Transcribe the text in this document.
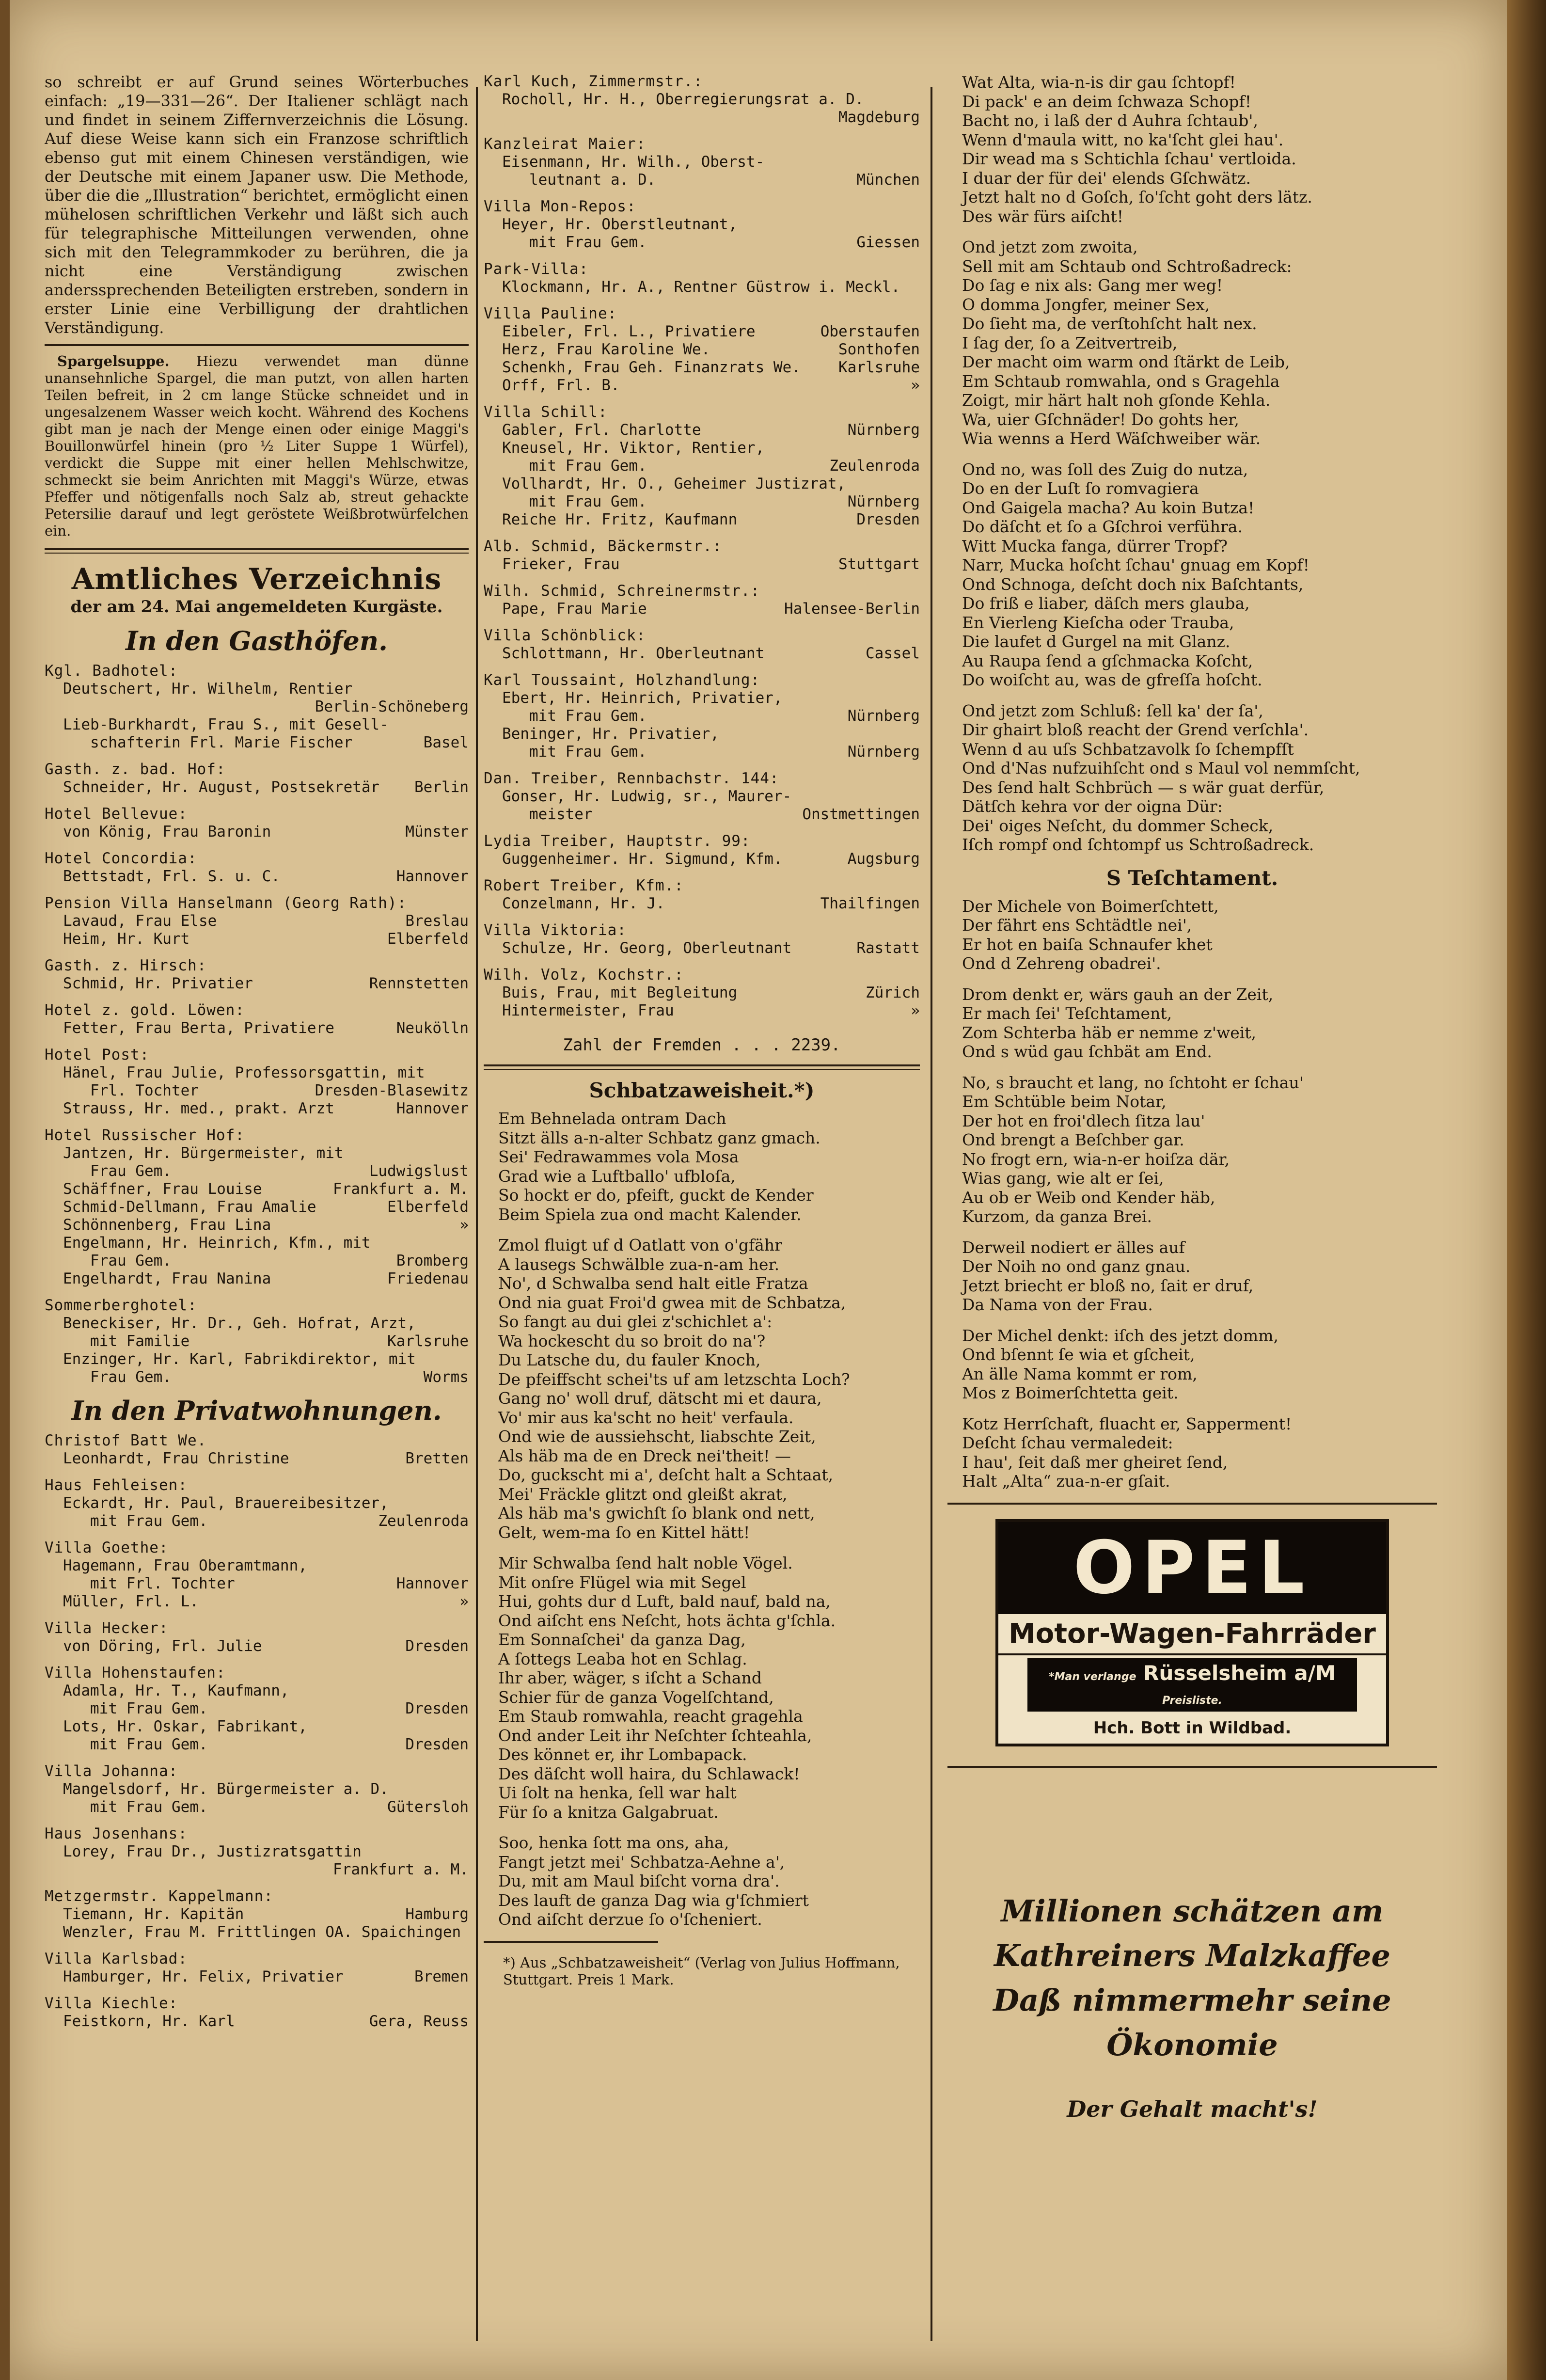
so schreibt er auf Grund seines Wörterbuches einfach: „19—331—26“. Der Italiener schlägt nach und findet in seinem Ziffernverzeichnis die Lösung. Auf diese Weise kann sich ein Franzose schriftlich ebenso gut mit einem Chinesen verständigen, wie der Deutsche mit einem Japaner usw. Die Methode, über die die „Illustration“ berichtet, ermöglicht einen mühelosen schriftlichen Verkehr und läßt sich auch für telegraphische Mitteilungen verwenden, ohne sich mit den Telegrammkoder zu berühren, die ja nicht eine Verständigung zwischen anderssprechenden Beteiligten erstreben, sondern in erster Linie eine Verbilligung der drahtlichen Verständigung.
Spargelsuppe. Hiezu verwendet man dünne unansehnliche Spargel, die man putzt, von allen harten Teilen befreit, in 2 cm lange Stücke schneidet und in ungesalzenem Wasser weich kocht. Während des Kochens gibt man je nach der Menge einen oder einige Maggi's Bouillonwürfel hinein (pro ½ Liter Suppe 1 Würfel), verdickt die Suppe mit einer hellen Mehlschwitze, schmeckt sie beim Anrichten mit Maggi's Würze, etwas Pfeffer und nötigenfalls noch Salz ab, streut gehackte Petersilie darauf und legt geröstete Weißbrotwürfelchen ein.
Amtliches Verzeichnis
der am 24. Mai angemeldeten Kurgäste.
In den Gasthöfen.
Kgl. Badhotel:
Deutschert, Hr. Wilhelm, Rentier
Berlin-Schöneberg
Lieb-Burkhardt, Frau S., mit Gesell-
schafterin Frl. Marie Fischer	Basel
Gasth. z. bad. Hof:
Schneider, Hr. August, Postsekretär Berlin
Hotel Bellevue:
von König, Frau Baronin	Münster
Hotel Concordia:
Bettstadt, Frl. S. u. C.	Hannover
Pension Villa Hanselmann (Georg Rath):
Lavaud, Frau Else	Breslau
Heim, Hr. Kurt	Elberfeld
Gasth. z. Hirsch:
Schmid, Hr. Privatier	Rennstetten
Hotel z. gold. Löwen:
Fetter, Frau Berta, Privatiere	Neukölln
Hotel Post:
Hänel, Frau Julie, Professorsgattin, mit
Frl. Tochter	Dresden-Blasewitz
Strauss, Hr. med., prakt. Arzt	Hannover
Hotel Russischer Hof:
Jantzen, Hr. Bürgermeister, mit
Frau Gem.	Ludwigslust
Schäffner, Frau Louise	Frankfurt a. M.
Schmid-Dellmann, Frau Amalie	Elberfeld
Schönnenberg, Frau Lina	»
Engelmann, Hr. Heinrich, Kfm., mit
Frau Gem.	Bromberg
Engelhardt, Frau Nanina	Friedenau
Sommerberghotel:
Beneckiser, Hr. Dr., Geh. Hofrat, Arzt,
mit Familie	Karlsruhe
Enzinger, Hr. Karl, Fabrikdirektor, mit
Frau Gem.	Worms
In den Privatwohnungen.
Christof Batt We.
Leonhardt, Frau Christine	Bretten
Haus Fehleisen:
Eckardt, Hr. Paul, Brauereibesitzer,
mit Frau Gem.	Zeulenroda
Villa Goethe:
Hagemann, Frau Oberamtmann,
mit Frl. Tochter	Hannover
Müller, Frl. L.	»
Villa Hecker:
von Döring, Frl. Julie	Dresden
Villa Hohenstaufen:
Adamla, Hr. T., Kaufmann,
mit Frau Gem.	Dresden
Lots, Hr. Oskar, Fabrikant,
mit Frau Gem.	Dresden
Villa Johanna:
Mangelsdorf, Hr. Bürgermeister a. D.
mit Frau Gem.	Gütersloh
Haus Josenhans:
Lorey, Frau Dr., Justizratsgattin
Frankfurt a. M.
Metzgermstr. Kappelmann:
Tiemann, Hr. Kapitän	Hamburg
Wenzler, Frau M. Frittlingen OA. Spaichingen
Villa Karlsbad:
Hamburger, Hr. Felix, Privatier	Bremen
Villa Kiechle:
Feistkorn, Hr. Karl	Gera, Reuss
Karl Kuch, Zimmermstr.:
Rocholl, Hr. H., Oberregierungsrat a. D.
Magdeburg
Kanzleirat Maier:
Eisenmann, Hr. Wilh., Oberst-
leutnant a. D.	München
Villa Mon-Repos:
Heyer, Hr. Oberstleutnant,
mit Frau Gem.	Giessen
Park-Villa:
Klockmann, Hr. A., Rentner Güstrow i. Meckl.
Villa Pauline:
Eibeler, Frl. L., Privatiere	Oberstaufen
Herz, Frau Karoline We.	Sonthofen
Schenkh, Frau Geh. Finanzrats We.	Karlsruhe
Orff, Frl. B.	»
Villa Schill:
Gabler, Frl. Charlotte	Nürnberg
Kneusel, Hr. Viktor, Rentier,
mit Frau Gem.	Zeulenroda
Vollhardt, Hr. O., Geheimer Justizrat,
mit Frau Gem.	Nürnberg
Reiche Hr. Fritz, Kaufmann	Dresden
Alb. Schmid, Bäckermstr.:
Frieker, Frau	Stuttgart
Wilh. Schmid, Schreinermstr.:
Pape, Frau Marie	Halensee-Berlin
Villa Schönblick:
Schlottmann, Hr. Oberleutnant	Cassel
Karl Toussaint, Holzhandlung:
Ebert, Hr. Heinrich, Privatier,
mit Frau Gem.	Nürnberg
Beninger, Hr. Privatier,
mit Frau Gem.	Nürnberg
Dan. Treiber, Rennbachstr. 144:
Gonser, Hr. Ludwig, sr., Maurer-
meister	Onstmettingen
Lydia Treiber, Hauptstr. 99:
Guggenheimer. Hr. Sigmund, Kfm.	Augsburg
Robert Treiber, Kfm.:
Conzelmann, Hr. J.	Thailfingen
Villa Viktoria:
Schulze, Hr. Georg, Oberleutnant	Rastatt
Wilh. Volz, Kochstr.:
Buis, Frau, mit Begleitung	Zürich
Hintermeister, Frau	»
Zahl der Fremden . . . 2239.
Schbatzaweisheit.*)
Em Behnelada ontram Dach
Sitzt älls a-n-alter Schbatz ganz gmach.
Sei' Fedrawammes vola Mosa
Grad wie a Luftballo' ufbloſa,
So hockt er do, pfeift, guckt de Kender
Beim Spiela zua ond macht Kalender.
Zmol fluigt uf d Oatlatt von o'gfähr
A lausegs Schwälble zua-n-am her.
No', d Schwalba send halt eitle Fratza
Ond nia guat Froi'd gwea mit de Schbatza,
So fangt au dui glei z'schichlet a':
Wa hockescht du so broit do na'?
Du Latsche du, du fauler Knoch,
De pfeiffscht schei'ts uf am letzschta Loch?
Gang no' woll druf, dätscht mi et daura,
Vo' mir aus ka'scht no heit' verfaula.
Ond wie de aussiehscht, liabschte Zeit,
Als häb ma de en Dreck nei'theit! —
Do, guckscht mi a', deſcht halt a Schtaat,
Mei' Fräckle glitzt ond gleißt akrat,
Als häb ma's gwichſt ſo blank ond nett,
Gelt, wem-ma ſo en Kittel hätt!
Mir Schwalba ſend halt noble Vögel.
Mit onſre Flügel wia mit Segel
Hui, gohts dur d Luft, bald nauf, bald na,
Ond aiſcht ens Neſcht, hots ächta g'ſchla.
Em Sonnaſchei' da ganza Dag,
A ſottegs Leaba hot en Schlag.
Ihr aber, wäger, s iſcht a Schand
Schier für de ganza Vogelſchtand,
Em Staub romwahla, reacht gragehla
Ond ander Leit ihr Neſchter ſchteahla,
Des könnet er, ihr Lombapack.
Des däſcht woll haira, du Schlawack!
Ui ſolt na henka, ſell war halt
Für ſo a knitza Galgabruat.
Soo, henka ſott ma ons, aha,
Fangt jetzt mei' Schbatza-Aehne a',
Du, mit am Maul biſcht vorna dra'.
Des lauft de ganza Dag wia g'ſchmiert
Ond aiſcht derzue ſo o'ſcheniert.
*) Aus „Schbatzaweisheit“ (Verlag von Julius Hoffmann, Stuttgart. Preis 1 Mark.
Wat Alta, wia-n-is dir gau ſchtopf!
Di pack' e an deim ſchwaza Schopf!
Bacht no, i laß der d Auhra ſchtaub',
Wenn d'maula witt, no ka'ſcht glei hau'.
Dir wead ma s Schtichla ſchau' vertloida.
I duar der für dei' elends Gſchwätz.
Jetzt halt no d Goſch, ſo'ſcht goht ders lätz.
Des wär fürs aiſcht!
Ond jetzt zom zwoita,
Sell mit am Schtaub ond Schtroßadreck:
Do ſag e nix als: Gang mer weg!
O domma Jongfer, meiner Sex,
Do ſieht ma, de verſtohſcht halt nex.
I ſag der, ſo a Zeitvertreib,
Der macht oim warm ond ſtärkt de Leib,
Em Schtaub romwahla, ond s Gragehla
Zoigt, mir härt halt noh gſonde Kehla.
Wa, uier Gſchnäder! Do gohts her,
Wia wenns a Herd Wäſchweiber wär.
Ond no, was ſoll des Zuig do nutza,
Do en der Luſt ſo romvagiera
Ond Gaigela macha? Au koin Butza!
Do däſcht et ſo a Gſchroi verführa.
Witt Mucka fanga, dürrer Tropf?
Narr, Mucka hoſcht ſchau' gnuag em Kopf!
Ond Schnoga, deſcht doch nix Baſchtants,
Do friß e liaber, däſch mers glauba,
En Vierleng Kieſcha oder Trauba,
Die laufet d Gurgel na mit Glanz.
Au Raupa ſend a gſchmacka Koſcht,
Do woiſcht au, was de gfreſſa hoſcht.
Ond jetzt zom Schluß: ſell ka' der ſa',
Dir ghairt bloß reacht der Grend verſchla'.
Wenn d au uſs Schbatzavolk ſo ſchempfſt
Ond d'Nas nufzuihſcht ond s Maul vol nemmſcht,
Des ſend halt Schbrüch — s wär guat derfür,
Dätſch kehra vor der oigna Dür:
Dei' oiges Neſcht, du dommer Scheck,
Iſch rompf ond ſchtompf us Schtroßadreck.
S Teſchtament.
Der Michele von Boimerſchtett,
Der fährt ens Schtädtle nei',
Er hot en baiſa Schnaufer khet
Ond d Zehreng obadrei'.
Drom denkt er, wärs gauh an der Zeit,
Er mach ſei' Teſchtament,
Zom Schterba häb er nemme z'weit,
Ond s wüd gau ſchbät am End.
No, s braucht et lang, no ſchtoht er ſchau'
Em Schtüble beim Notar,
Der hot en froi'dlech ſitza lau'
Ond brengt a Beſchber gar.
No frogt ern, wia-n-er hoiſza där,
Wias gang, wie alt er ſei,
Au ob er Weib ond Kender häb,
Kurzom, da ganza Brei.
Derweil nodiert er älles auf
Der Noih no ond ganz gnau.
Jetzt briecht er bloß no, ſait er druf,
Da Nama von der Frau.
Der Michel denkt: iſch des jetzt domm,
Ond bſennt ſe wia et gſcheit,
An älle Nama kommt er rom,
Mos z Boimerſchtetta geit.
Kotz Herrſchaft, fluacht er, Sapperment!
Deſcht ſchau vermaledeit:
I hau', ſeit daß mer gheiret ſend,
Halt „Alta“ zua-n-er gſait.
OPEL
Motor-Wagen-Fahrräder
*Man verlange Rüsselsheim a/M Preisliste.
Hch. Bott in Wildbad.
Millionen schätzen am
Kathreiners Malzkaffee
Daß nimmermehr seine Ökonomie
Der Gehalt macht's!
